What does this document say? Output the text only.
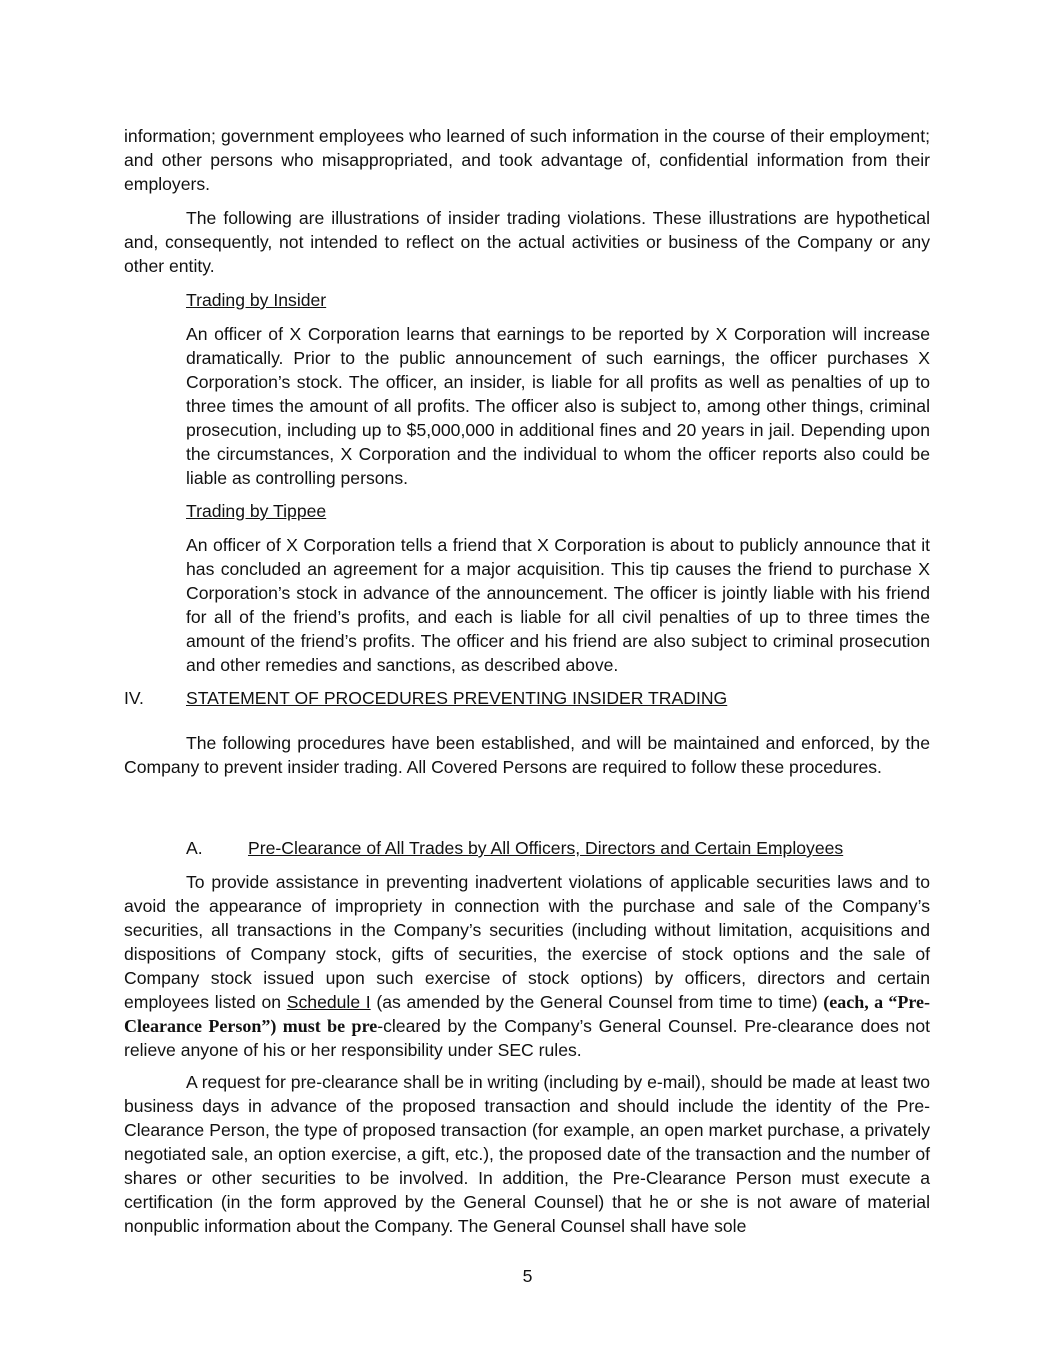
information; government employees who learned of such information in the course of their employment; and other persons who misappropriated, and took advantage of, confidential information from their employers.

The following are illustrations of insider trading violations. These illustrations are hypothetical and, consequently, not intended to reflect on the actual activities or business of the Company or any other entity.

Trading by Insider

An officer of X Corporation learns that earnings to be reported by X Corporation will increase dramatically. Prior to the public announcement of such earnings, the officer purchases X Corporation’s stock. The officer, an insider, is liable for all profits as well as penalties of up to three times the amount of all profits. The officer also is subject to, among other things, criminal prosecution, including up to $5,000,000 in additional fines and 20 years in jail. Depending upon the circumstances, X Corporation and the individual to whom the officer reports also could be liable as controlling persons.

Trading by Tippee

An officer of X Corporation tells a friend that X Corporation is about to publicly announce that it has concluded an agreement for a major acquisition. This tip causes the friend to purchase X Corporation’s stock in advance of the announcement. The officer is jointly liable with his friend for all of the friend’s profits, and each is liable for all civil penalties of up to three times the amount of the friend’s profits. The officer and his friend are also subject to criminal prosecution and other remedies and sanctions, as described above.

IV. STATEMENT OF PROCEDURES PREVENTING INSIDER TRADING

The following procedures have been established, and will be maintained and enforced, by the Company to prevent insider trading. All Covered Persons are required to follow these procedures.

A.	Pre-Clearance of All Trades by All Officers, Directors and Certain Employees

To provide assistance in preventing inadvertent violations of applicable securities laws and to avoid the appearance of impropriety in connection with the purchase and sale of the Company’s securities, all transactions in the Company’s securities (including without limitation, acquisitions and dispositions of Company stock, gifts of securities, the exercise of stock options and the sale of Company stock issued upon such exercise of stock options) by officers, directors and certain employees listed on Schedule I (as amended by the General Counsel from time to time) (each, a “Pre-Clearance Person”) must be pre-cleared by the Company’s General Counsel. Pre-clearance does not relieve anyone of his or her responsibility under SEC rules.

A request for pre-clearance shall be in writing (including by e-mail), should be made at least two business days in advance of the proposed transaction and should include the identity of the Pre-Clearance Person, the type of proposed transaction (for example, an open market purchase, a privately negotiated sale, an option exercise, a gift, etc.), the proposed date of the transaction and the number of shares or other securities to be involved. In addition, the Pre-Clearance Person must execute a certification (in the form approved by the General Counsel) that he or she is not aware of material nonpublic information about the Company. The General Counsel shall have sole

5
